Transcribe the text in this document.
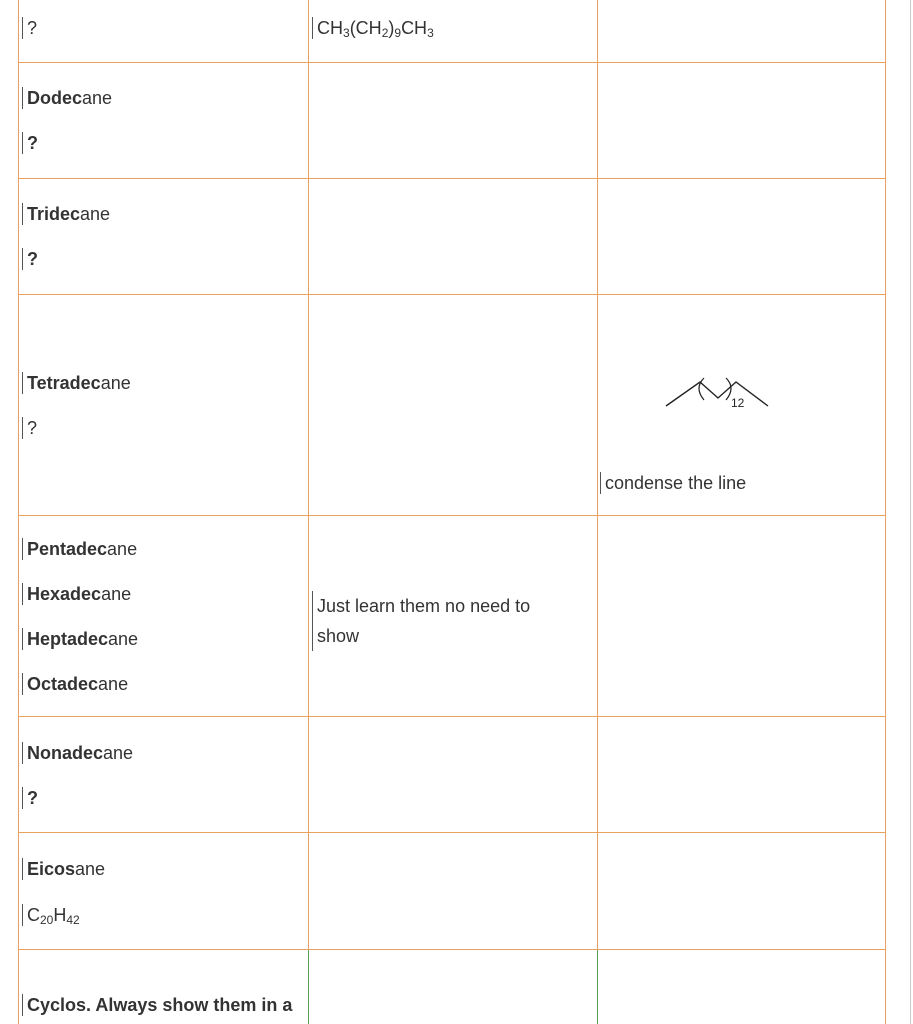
?	$CH_3(CH_2)_9CH_3$
Dodecane
?
Tridecane
?
Tetradecane
?
12
condense the line
Pentadecane
Hexadecane
Heptadecane
Octadecane
Just learn them no need to
show
Nonadecane
?
Eicosane
$C_{20}H_{42}$
Cyclos. Always show them in a
